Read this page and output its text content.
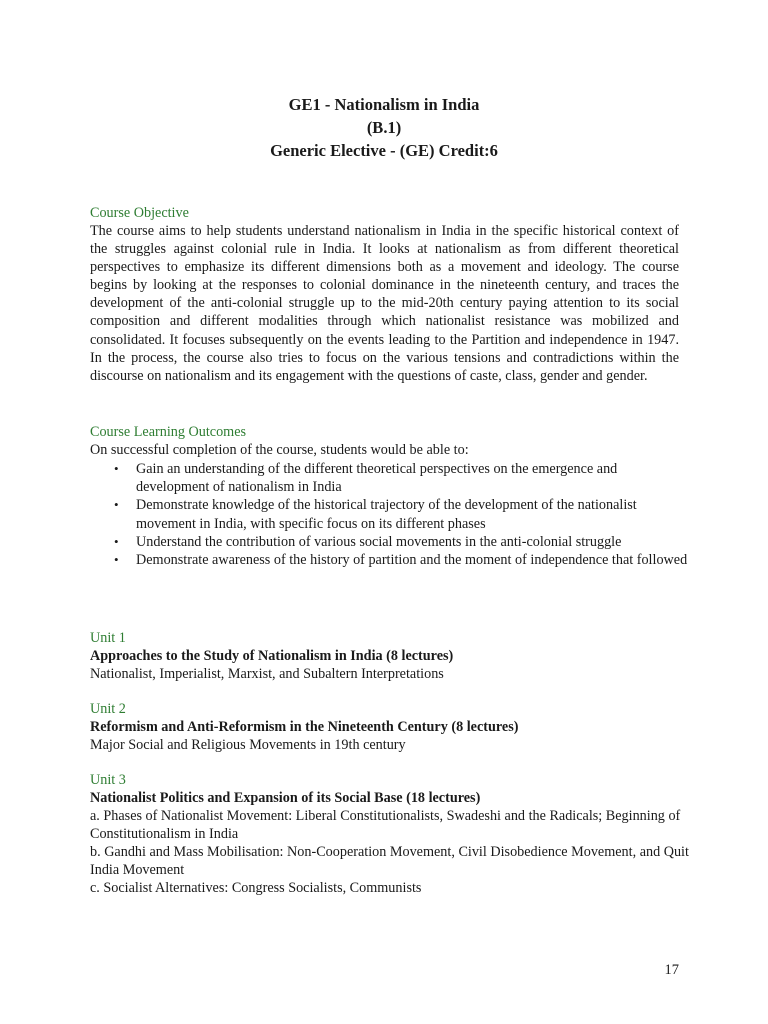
GE1 - Nationalism in India
(B.1)
Generic Elective - (GE) Credit:6
Course Objective
The course aims to help students understand nationalism in India in the specific historical context of the struggles against colonial rule in India. It looks at nationalism as from different theoretical perspectives to emphasize its different dimensions both as a movement and ideology. The course begins by looking at the responses to colonial dominance in the nineteenth century, and traces the development of the anti-colonial struggle up to the mid-20th century paying attention to its social composition and different modalities through which nationalist resistance was mobilized and consolidated. It focuses subsequently on the events leading to the Partition and independence in 1947. In the process, the course also tries to focus on the various tensions and contradictions within the discourse on nationalism and its engagement with the questions of caste, class, gender and gender.
Course Learning Outcomes
On successful completion of the course, students would be able to:
• Gain an understanding of the different theoretical perspectives on the emergence and development of nationalism in India
• Demonstrate knowledge of the historical trajectory of the development of the nationalist movement in India, with specific focus on its different phases
• Understand the contribution of various social movements in the anti-colonial struggle
• Demonstrate awareness of the history of partition and the moment of independence that followed
Unit 1
Approaches to the Study of Nationalism in India (8 lectures)
Nationalist, Imperialist, Marxist, and Subaltern Interpretations
Unit 2
Reformism and Anti-Reformism in the Nineteenth Century (8 lectures)
Major Social and Religious Movements in 19th century
Unit 3
Nationalist Politics and Expansion of its Social Base (18 lectures)
a. Phases of Nationalist Movement: Liberal Constitutionalists, Swadeshi and the Radicals; Beginning of Constitutionalism in India
b. Gandhi and Mass Mobilisation: Non-Cooperation Movement, Civil Disobedience Movement, and Quit India Movement
c. Socialist Alternatives: Congress Socialists, Communists
17
